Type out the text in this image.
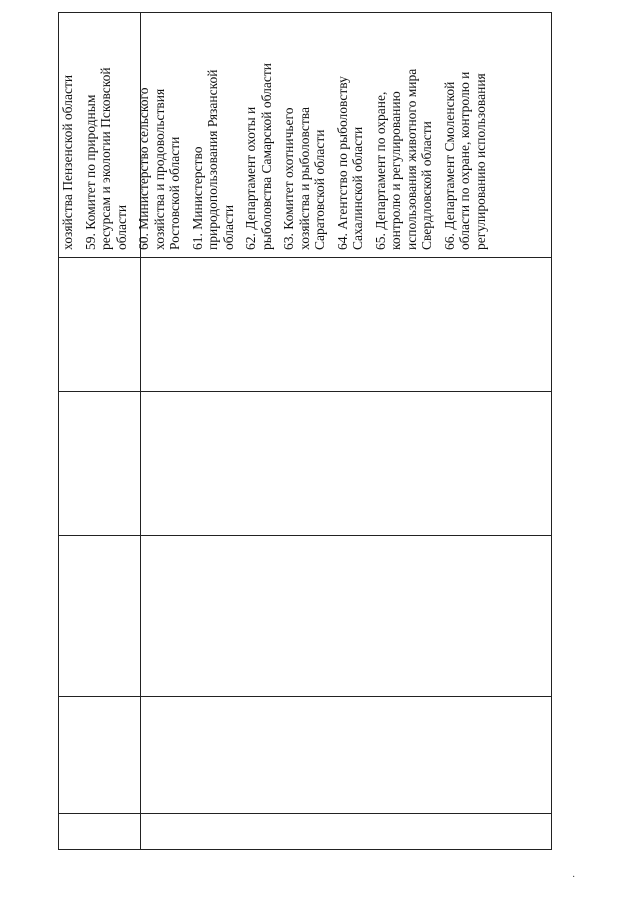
хозяйства Пензенской области 59. Комитет по природным ресурсам и экологии Псковской области 60. Министерство сельского хозяйства и продовольствия Ростовской области 61. Министерство природопользования Рязанской области 62. Департамент охоты и рыболовства Самарской области 63. Комитет охотничьего хозяйства и рыболовства Саратовской области 64. Агентство по рыболовству Сахалинской области 65. Департамент по охране, контролю и регулированию использования животного мира Свердловской области 66. Департамент Смоленской области по охране, контролю и регулированию использования
·
